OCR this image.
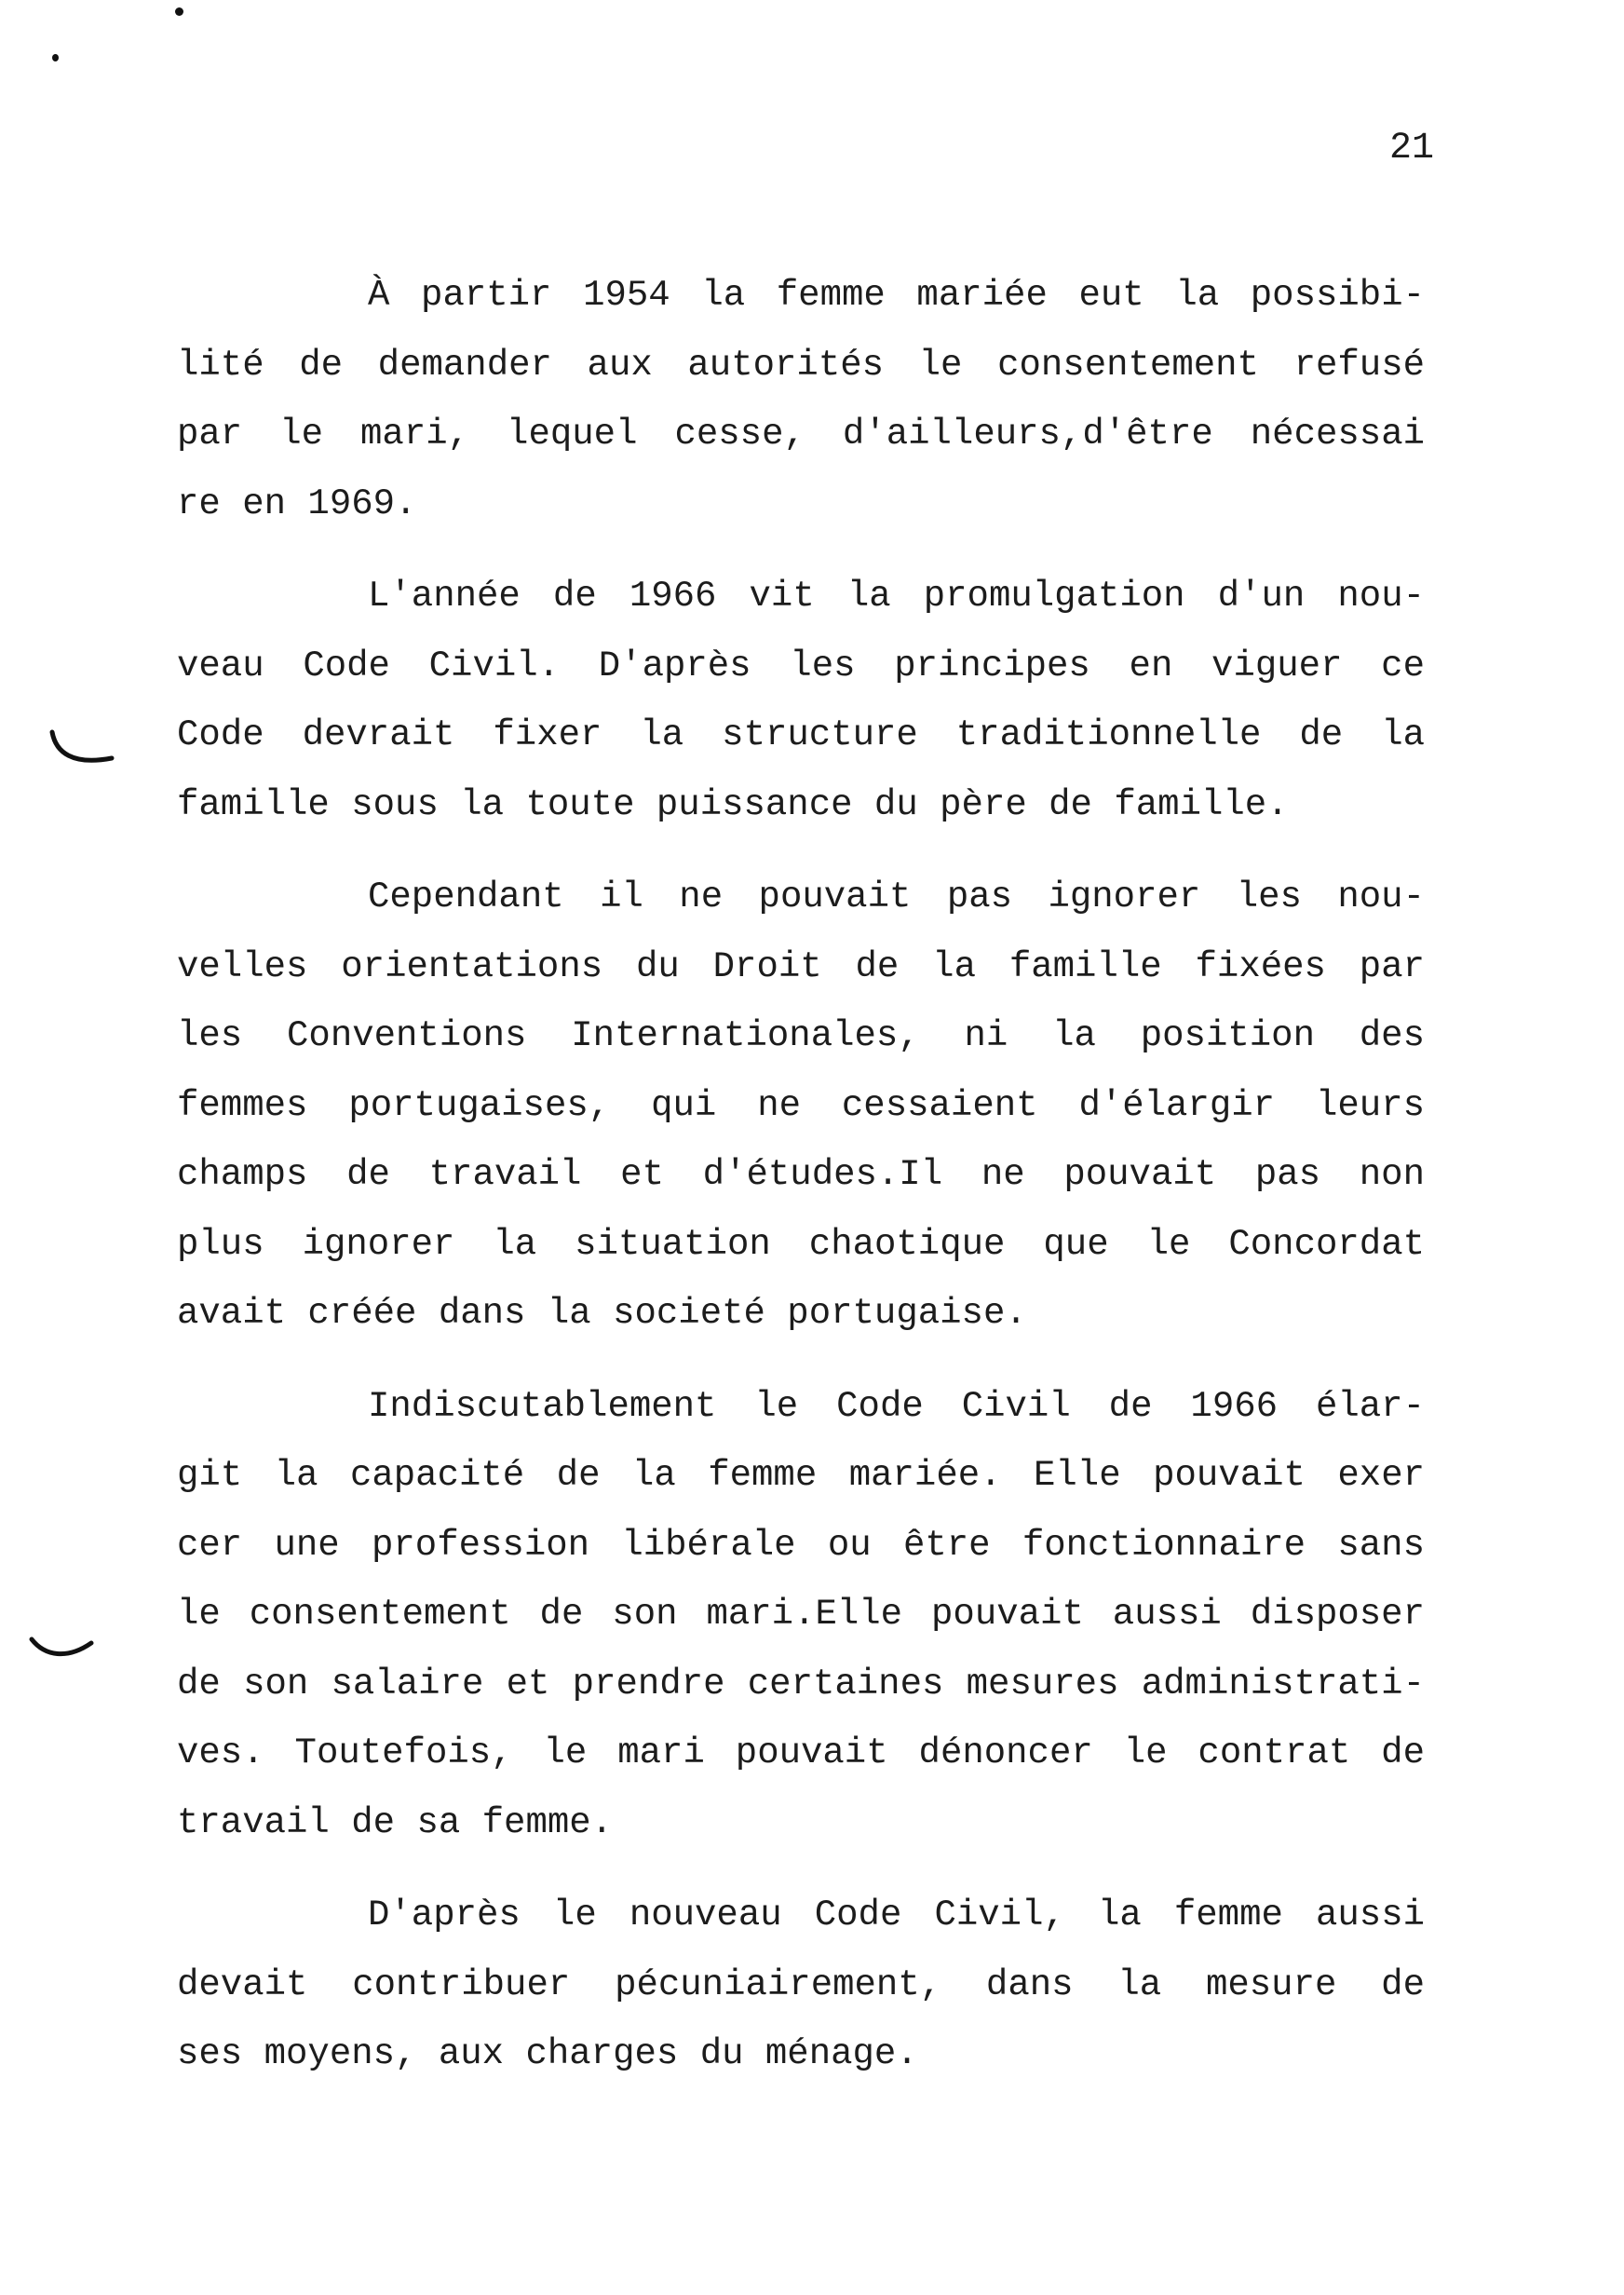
21
À partir 1954 la femme mariée eut la possibi-
lité de demander aux autorités le consentement refusé
par le mari, lequel cesse, d'ailleurs,d'être nécessai
re en 1969.
L'année de 1966 vit la promulgation d'un nou-
veau Code Civil. D'après les principes en viguer ce
Code devrait fixer la structure traditionnelle de la
famille sous la toute puissance du père de famille.
Cependant il ne pouvait pas ignorer les nou-
velles orientations du Droit de la famille fixées par
les Conventions Internationales, ni la position des
femmes portugaises, qui ne cessaient d'élargir leurs
champs de travail et d'études.Il ne pouvait pas non
plus ignorer la situation chaotique que le Concordat
avait créée dans la societé portugaise.
Indiscutablement le Code Civil de 1966 élar-
git la capacité de la femme mariée. Elle pouvait exer
cer une profession libérale ou être fonctionnaire sans
le consentement de son mari.Elle pouvait aussi disposer
de son salaire et prendre certaines mesures administrati-
ves. Toutefois, le mari pouvait dénoncer le contrat de
travail de sa femme.
D'après le nouveau Code Civil, la femme aussi
devait contribuer pécuniairement, dans la mesure de
ses moyens, aux charges du ménage.
